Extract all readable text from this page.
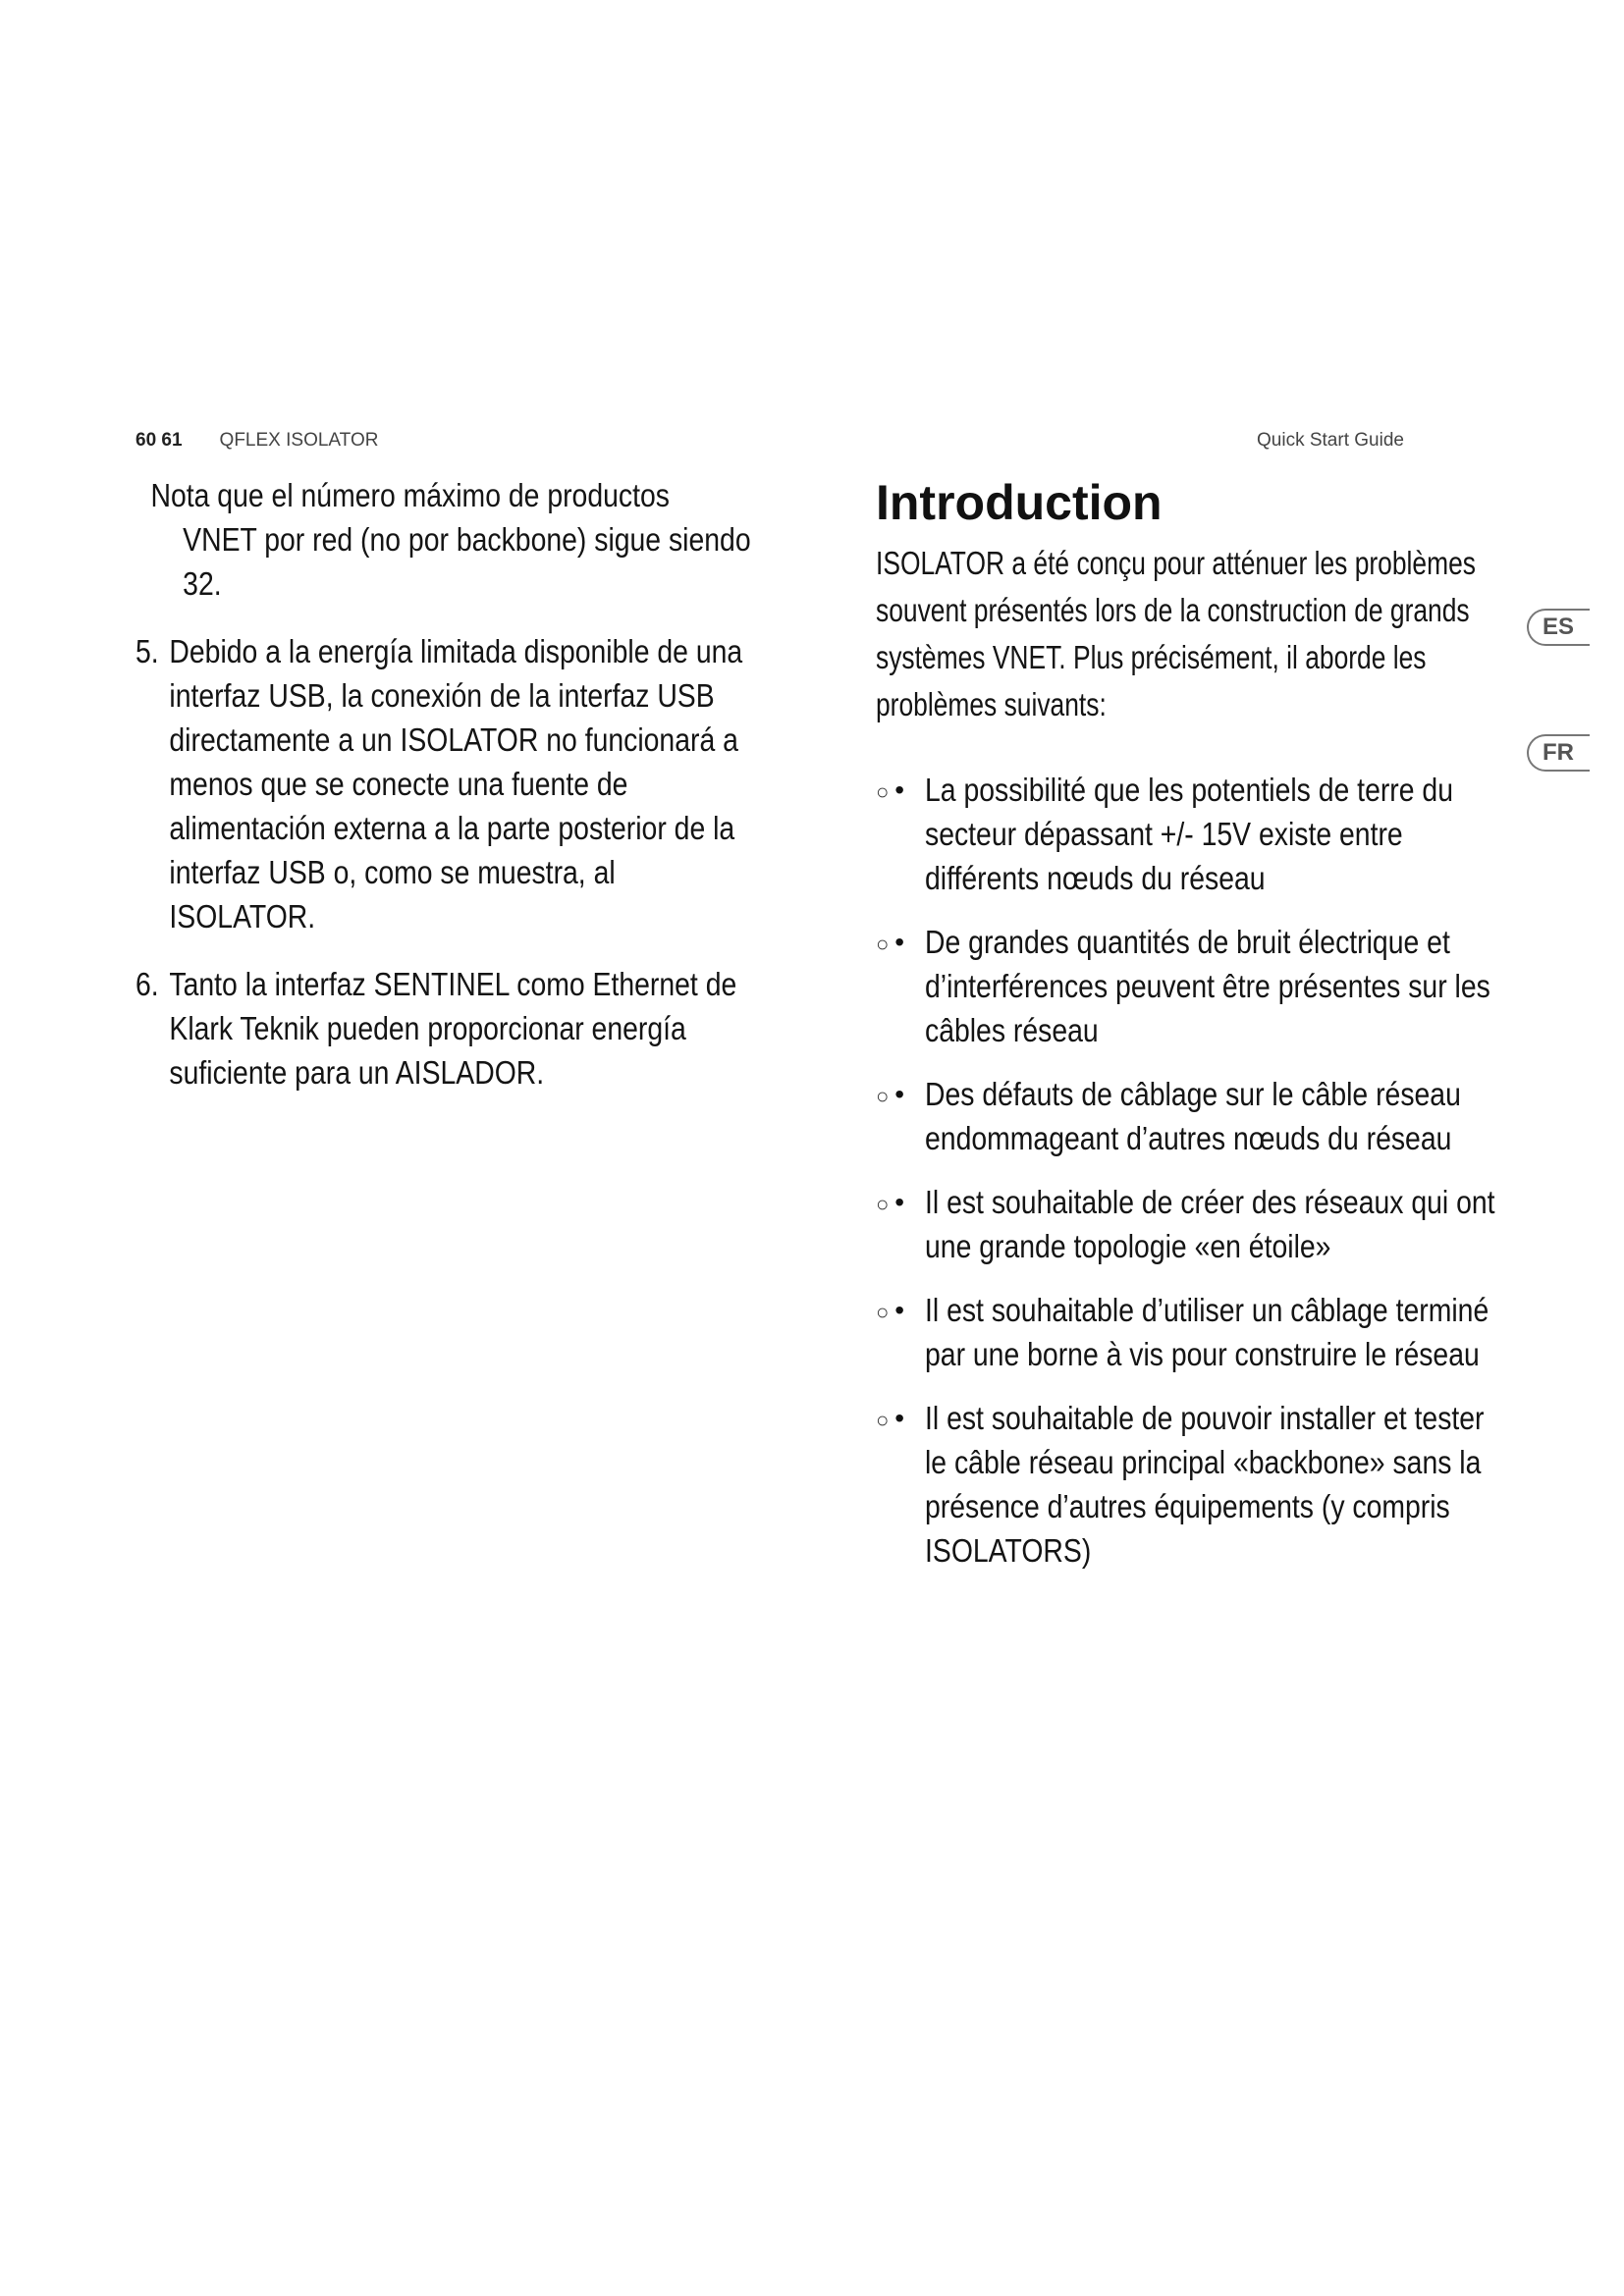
60 61 QFLEX ISOLATOR	Quick Start Guide
Nota que el número máximo de productos
VNET por red (no por backbone) sigue siendo 32.
5. Debido a la energía limitada disponible de una interfaz USB, la conexión de la interfaz USB directamente a un ISOLATOR no funcionará a menos que se conecte una fuente de alimentación externa a la parte posterior de la interfaz USB o, como se muestra, al ISOLATOR.
6. Tanto la interfaz SENTINEL como Ethernet de Klark Teknik pueden proporcionar energía suficiente para un AISLADOR.
Introduction
ISOLATOR a été conçu pour atténuer les problèmes souvent présentés lors de la construction de grands systèmes VNET. Plus précisément, il aborde les problèmes suivants:
○ • La possibilité que les potentiels de terre du secteur dépassant +/- 15V existe entre différents nœuds du réseau
○ • De grandes quantités de bruit électrique et d’interférences peuvent être présentes sur les câbles réseau
○ • Des défauts de câblage sur le câble réseau endommageant d’autres nœuds du réseau
○ • Il est souhaitable de créer des réseaux qui ont une grande topologie «en étoile»
○ • Il est souhaitable d’utiliser un câblage terminé par une borne à vis pour construire le réseau
○ • Il est souhaitable de pouvoir installer et tester le câble réseau principal «backbone» sans la présence d’autres équipements (y compris ISOLATORS)
ES
FR
